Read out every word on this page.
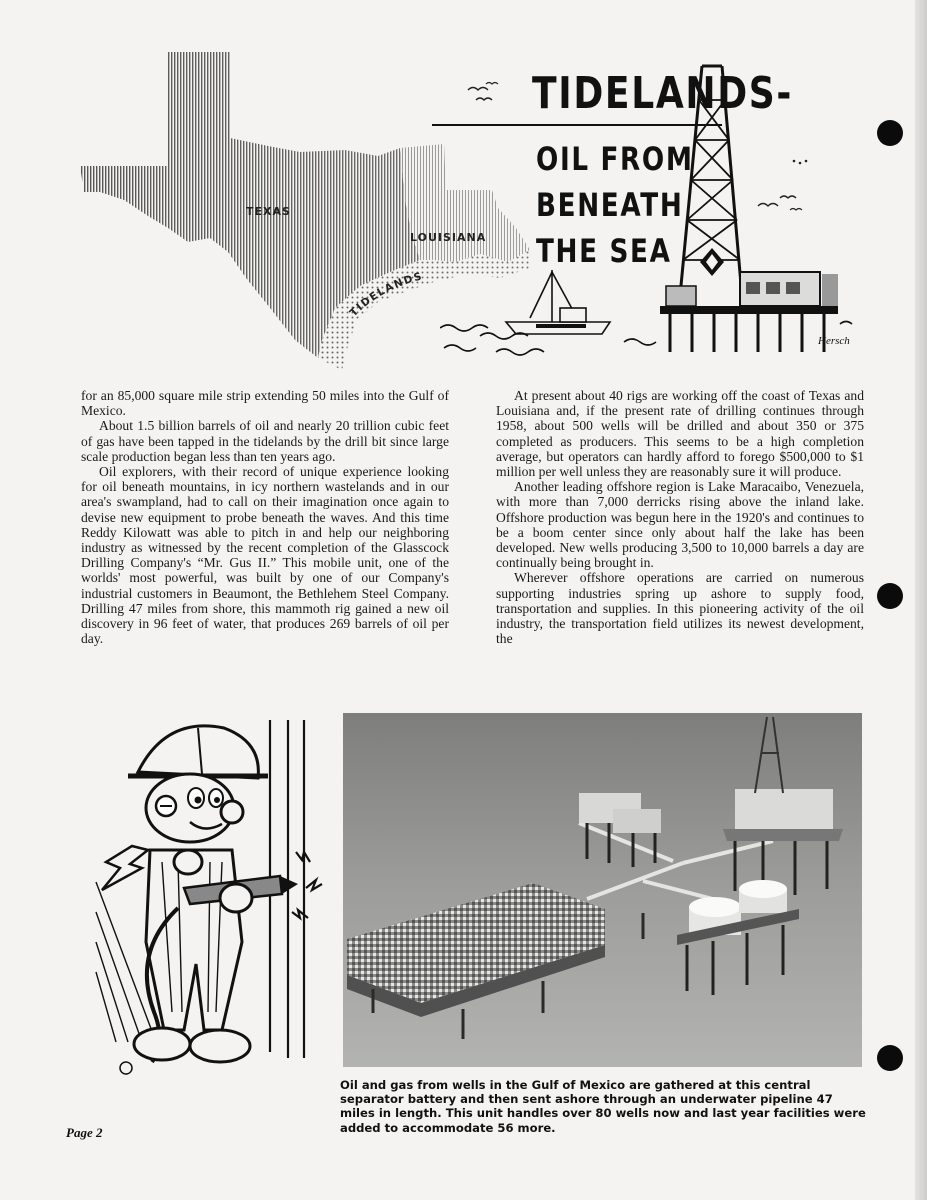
TEXAS
LOUISIANA
TIDELANDS
Hersch
TIDELANDS-
OIL FROM
BENEATH
THE SEA

for an 85,000 square mile strip extending 50 miles into the Gulf of Mexico.

About 1.5 billion barrels of oil and nearly 20 trillion cubic feet of gas have been tapped in the tidelands by the drill bit since large scale production began less than ten years ago.

Oil explorers, with their record of unique experience looking for oil beneath mountains, in icy northern wastelands and in our area's swampland, had to call on their imagination once again to devise new equipment to probe beneath the waves. And this time Reddy Kilowatt was able to pitch in and help our neighboring industry as witnessed by the recent completion of the Glasscock Drilling Company's “Mr. Gus II.” This mobile unit, one of the worlds' most powerful, was built by one of our Company's industrial customers in Beaumont, the Bethlehem Steel Company. Drilling 47 miles from shore, this mammoth rig gained a new oil discovery in 96 feet of water, that produces 269 barrels of oil per day.

At present about 40 rigs are working off the coast of Texas and Louisiana and, if the present rate of drilling continues through 1958, about 500 wells will be drilled and about 350 or 375 completed as producers. This seems to be a high completion average, but operators can hardly afford to forego $500,000 to $1 million per well unless they are reasonably sure it will produce.

Another leading offshore region is Lake Maracaibo, Venezuela, with more than 7,000 derricks rising above the inland lake. Offshore production was begun here in the 1920's and continues to be a boom center since only about half the lake has been developed. New wells producing 3,500 to 10,000 barrels a day are continually being brought in.

Wherever offshore operations are carried on numerous supporting industries spring up ashore to supply food, transportation and supplies. In this pioneering activity of the oil industry, the transportation field utilizes its newest development, the

Oil and gas from wells in the Gulf of Mexico are gathered at this central separator battery and then sent ashore through an underwater pipeline 47 miles in length. This unit handles over 80 wells now and last year facilities were added to accommodate 56 more.
Page 2
